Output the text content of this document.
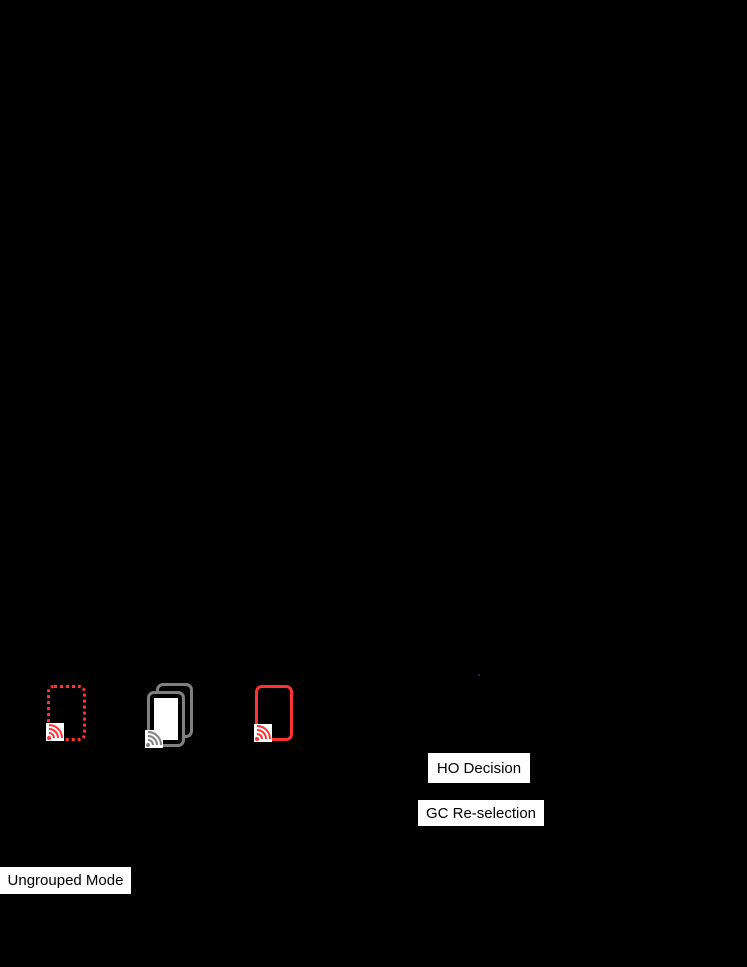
HO Decision
GC Re-selection
Ungrouped Mode
